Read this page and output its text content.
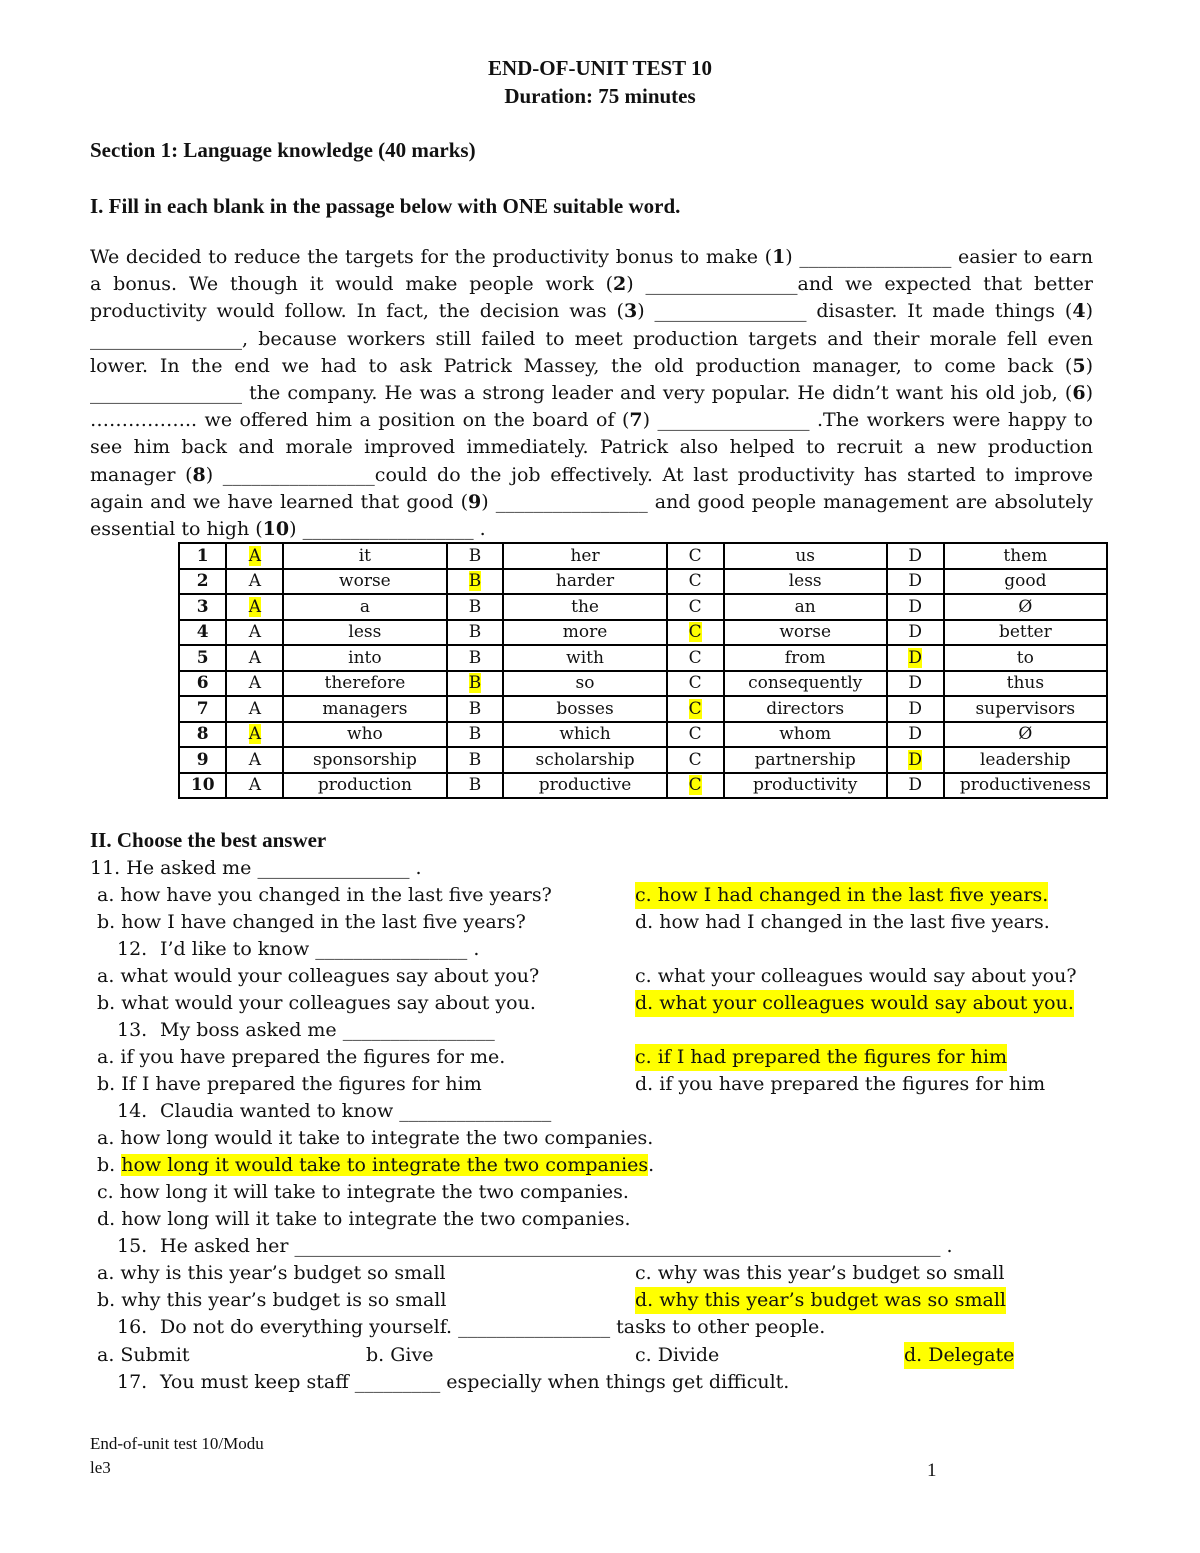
END-OF-UNIT TEST 10
Duration: 75 minutes
Section 1: Language knowledge (40 marks)
I. Fill in each blank in the passage below with ONE suitable word.
We decided to reduce the targets for the productivity bonus to make (1) ________________ easier to earn a bonus. We though it would make people work (2) ________________and we expected that better productivity would follow. In fact, the decision was (3) ________________ disaster. It made things (4) ________________, because workers still failed to meet production targets and their morale fell even lower. In the end we had to ask Patrick Massey, the old production manager, to come back (5) ________________ the company. He was a strong leader and very popular. He didn’t want his old job, (6) …………….. we offered him a position on the board of (7) ________________ .The workers were happy to see him back and morale improved immediately. Patrick also helped to recruit a new production manager (8) ________________could do the job effectively. At last productivity has started to improve again and we have learned that good (9) ________________ and good people management are absolutely essential to high (10) __________________ .
1	A	it	B	her	C	us	D	them
2	A	worse	B	harder	C	less	D	good
3	A	a	B	the	C	an	D	Ø
4	A	less	B	more	C	worse	D	better
5	A	into	B	with	C	from	D	to
6	A	therefore	B	so	C	consequently	D	thus
7	A	managers	B	bosses	C	directors	D	supervisors
8	A	who	B	which	C	whom	D	Ø
9	A	sponsorship	B	scholarship	C	partnership	D	leadership
10	A	production	B	productive	C	productivity	D	productiveness
II. Choose the best answer
11. He asked me ________________ .
a. how have you changed in the last five years?	c. how I had changed in the last five years.
b. how I have changed in the last five years?	d. how had I changed in the last five years.
12. I’d like to know ________________ .
a. what would your colleagues say about you?	c. what your colleagues would say about you?
b. what would your colleagues say about you.	d. what your colleagues would say about you.
13. My boss asked me ________________
a. if you have prepared the figures for me.	c. if I had prepared the figures for him
b. If I have prepared the figures for him	d. if you have prepared the figures for him
14. Claudia wanted to know ________________
a. how long would it take to integrate the two companies.
b. how long it would take to integrate the two companies.
c. how long it will take to integrate the two companies.
d. how long will it take to integrate the two companies.
15. He asked her ____________________________________________________________________ .
a. why is this year’s budget so small	c. why was this year’s budget so small
b. why this year’s budget is so small	d. why this year’s budget was so small
16. Do not do everything yourself. ________________ tasks to other people.
a. Submit	b. Give	c. Divide	d. Delegate
17. You must keep staff _________ especially when things get difficult.
End-of-unit test 10/Modu
le3	1
